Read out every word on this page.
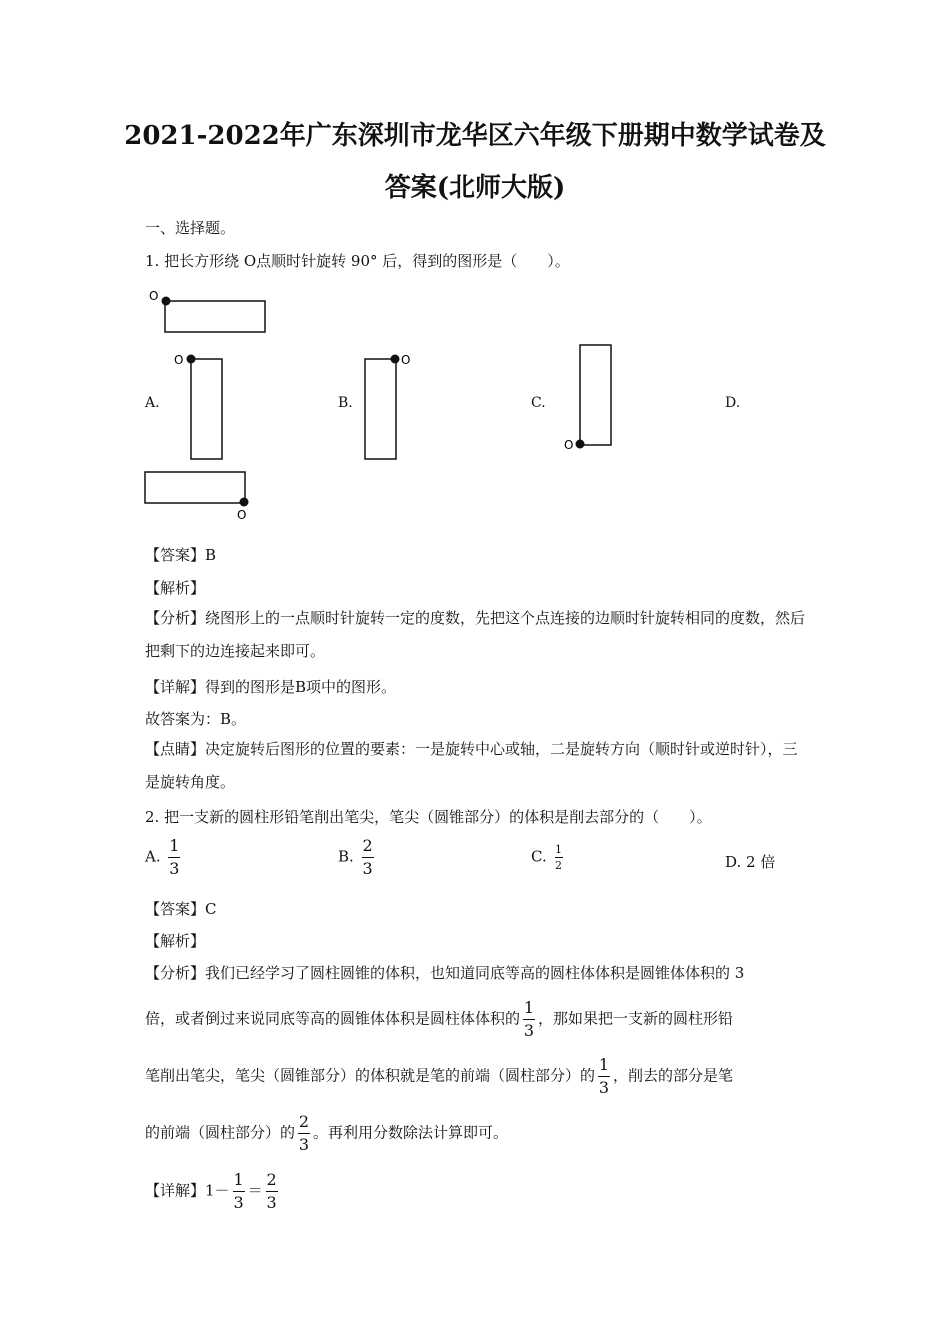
2021-2022年广东深圳市龙华区六年级下册期中数学试卷及
答案(北师大版)
一、选择题。
1. 把长方形绕 O点顺时针旋转 90° 后，得到的图形是（　　）。
O
A.
O
B.
O
C.
O
D.
O
【答案】B
【解析】
【分析】绕图形上的一点顺时针旋转一定的度数，先把这个点连接的边顺时针旋转相同的度数，然后把剩下的边连接起来即可。
【详解】得到的图形是B项中的图形。
故答案为：B。
【点睛】决定旋转后图形的位置的要素：一是旋转中心或轴，二是旋转方向（顺时针或逆时针），三是旋转角度。
2. 把一支新的圆柱形铅笔削出笔尖，笔尖（圆锥部分）的体积是削去部分的（　　）。
A. $\frac{1}{3}$	B. $\frac{2}{3}$	C. $\frac{1}{2}$	D. 2 倍
【答案】C
【解析】
【分析】我们已经学习了圆柱圆锥的体积，也知道同底等高的圆柱体体积是圆锥体体积的 3
倍，或者倒过来说同底等高的圆锥体体积是圆柱体体积的 $\frac{1}{3}$ ，那如果把一支新的圆柱形铅
笔削出笔尖，笔尖（圆锥部分）的体积就是笔的前端（圆柱部分）的 $\frac{1}{3}$ ，削去的部分是笔
的前端（圆柱部分）的 $\frac{2}{3}$ 。再利用分数除法计算即可。
【详解】$1- \frac{1}{3} = \frac{2}{3}$
